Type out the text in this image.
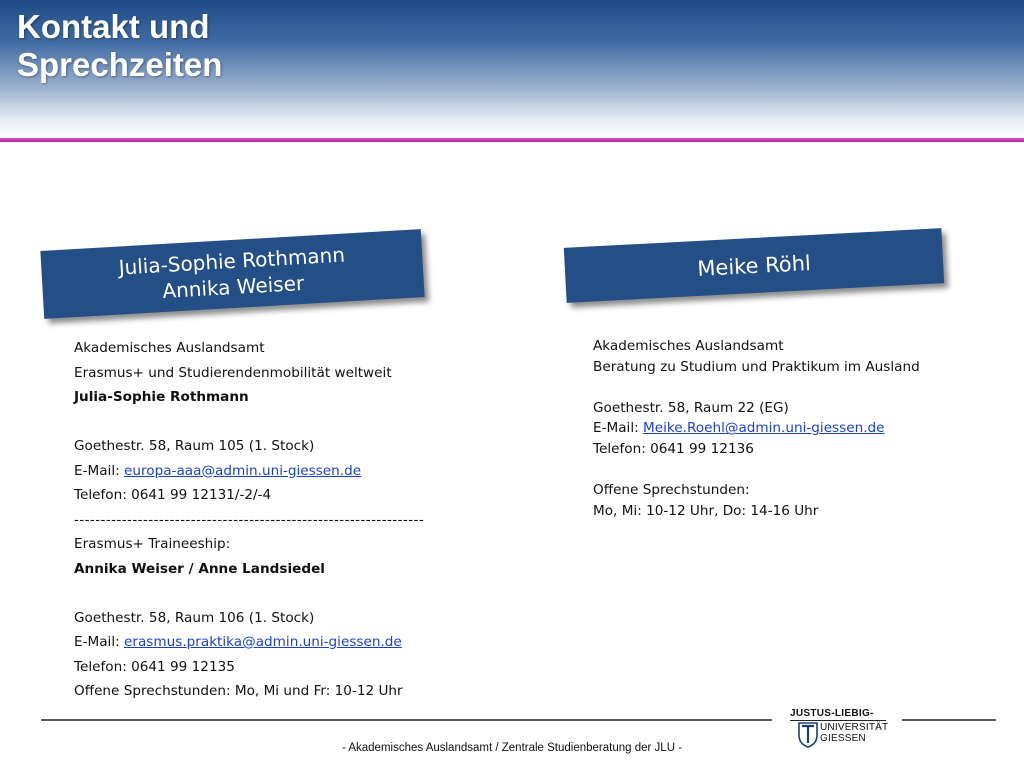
Kontakt und
Sprechzeiten
Julia-Sophie Rothmann
Annika Weiser
Meike Röhl
Akademisches Auslandsamt
Erasmus+ und Studierendenmobilität weltweit
Julia-Sophie Rothmann
Goethestr. 58, Raum 105 (1. Stock)
E-Mail: europa-aaa@admin.uni-giessen.de
Telefon: 0641 99 12131/-2/-4
------------------------------------------------------------------
Erasmus+ Traineeship:
Annika Weiser / Anne Landsiedel
Goethestr. 58, Raum 106 (1. Stock)
E-Mail: erasmus.praktika@admin.uni-giessen.de
Telefon: 0641 99 12135
Offene Sprechstunden: Mo, Mi und Fr: 10-12 Uhr
Akademisches Auslandsamt
Beratung zu Studium und Praktikum im Ausland
Goethestr. 58, Raum 22 (EG)
E-Mail: Meike.Roehl@admin.uni-giessen.de
Telefon: 0641 99 12136
Offene Sprechstunden:
Mo, Mi: 10-12 Uhr, Do: 14-16 Uhr
JUSTUS-LIEBIG-
UNIVERSITÄT
GIESSEN
- Akademisches Auslandsamt / Zentrale Studienberatung der JLU -
